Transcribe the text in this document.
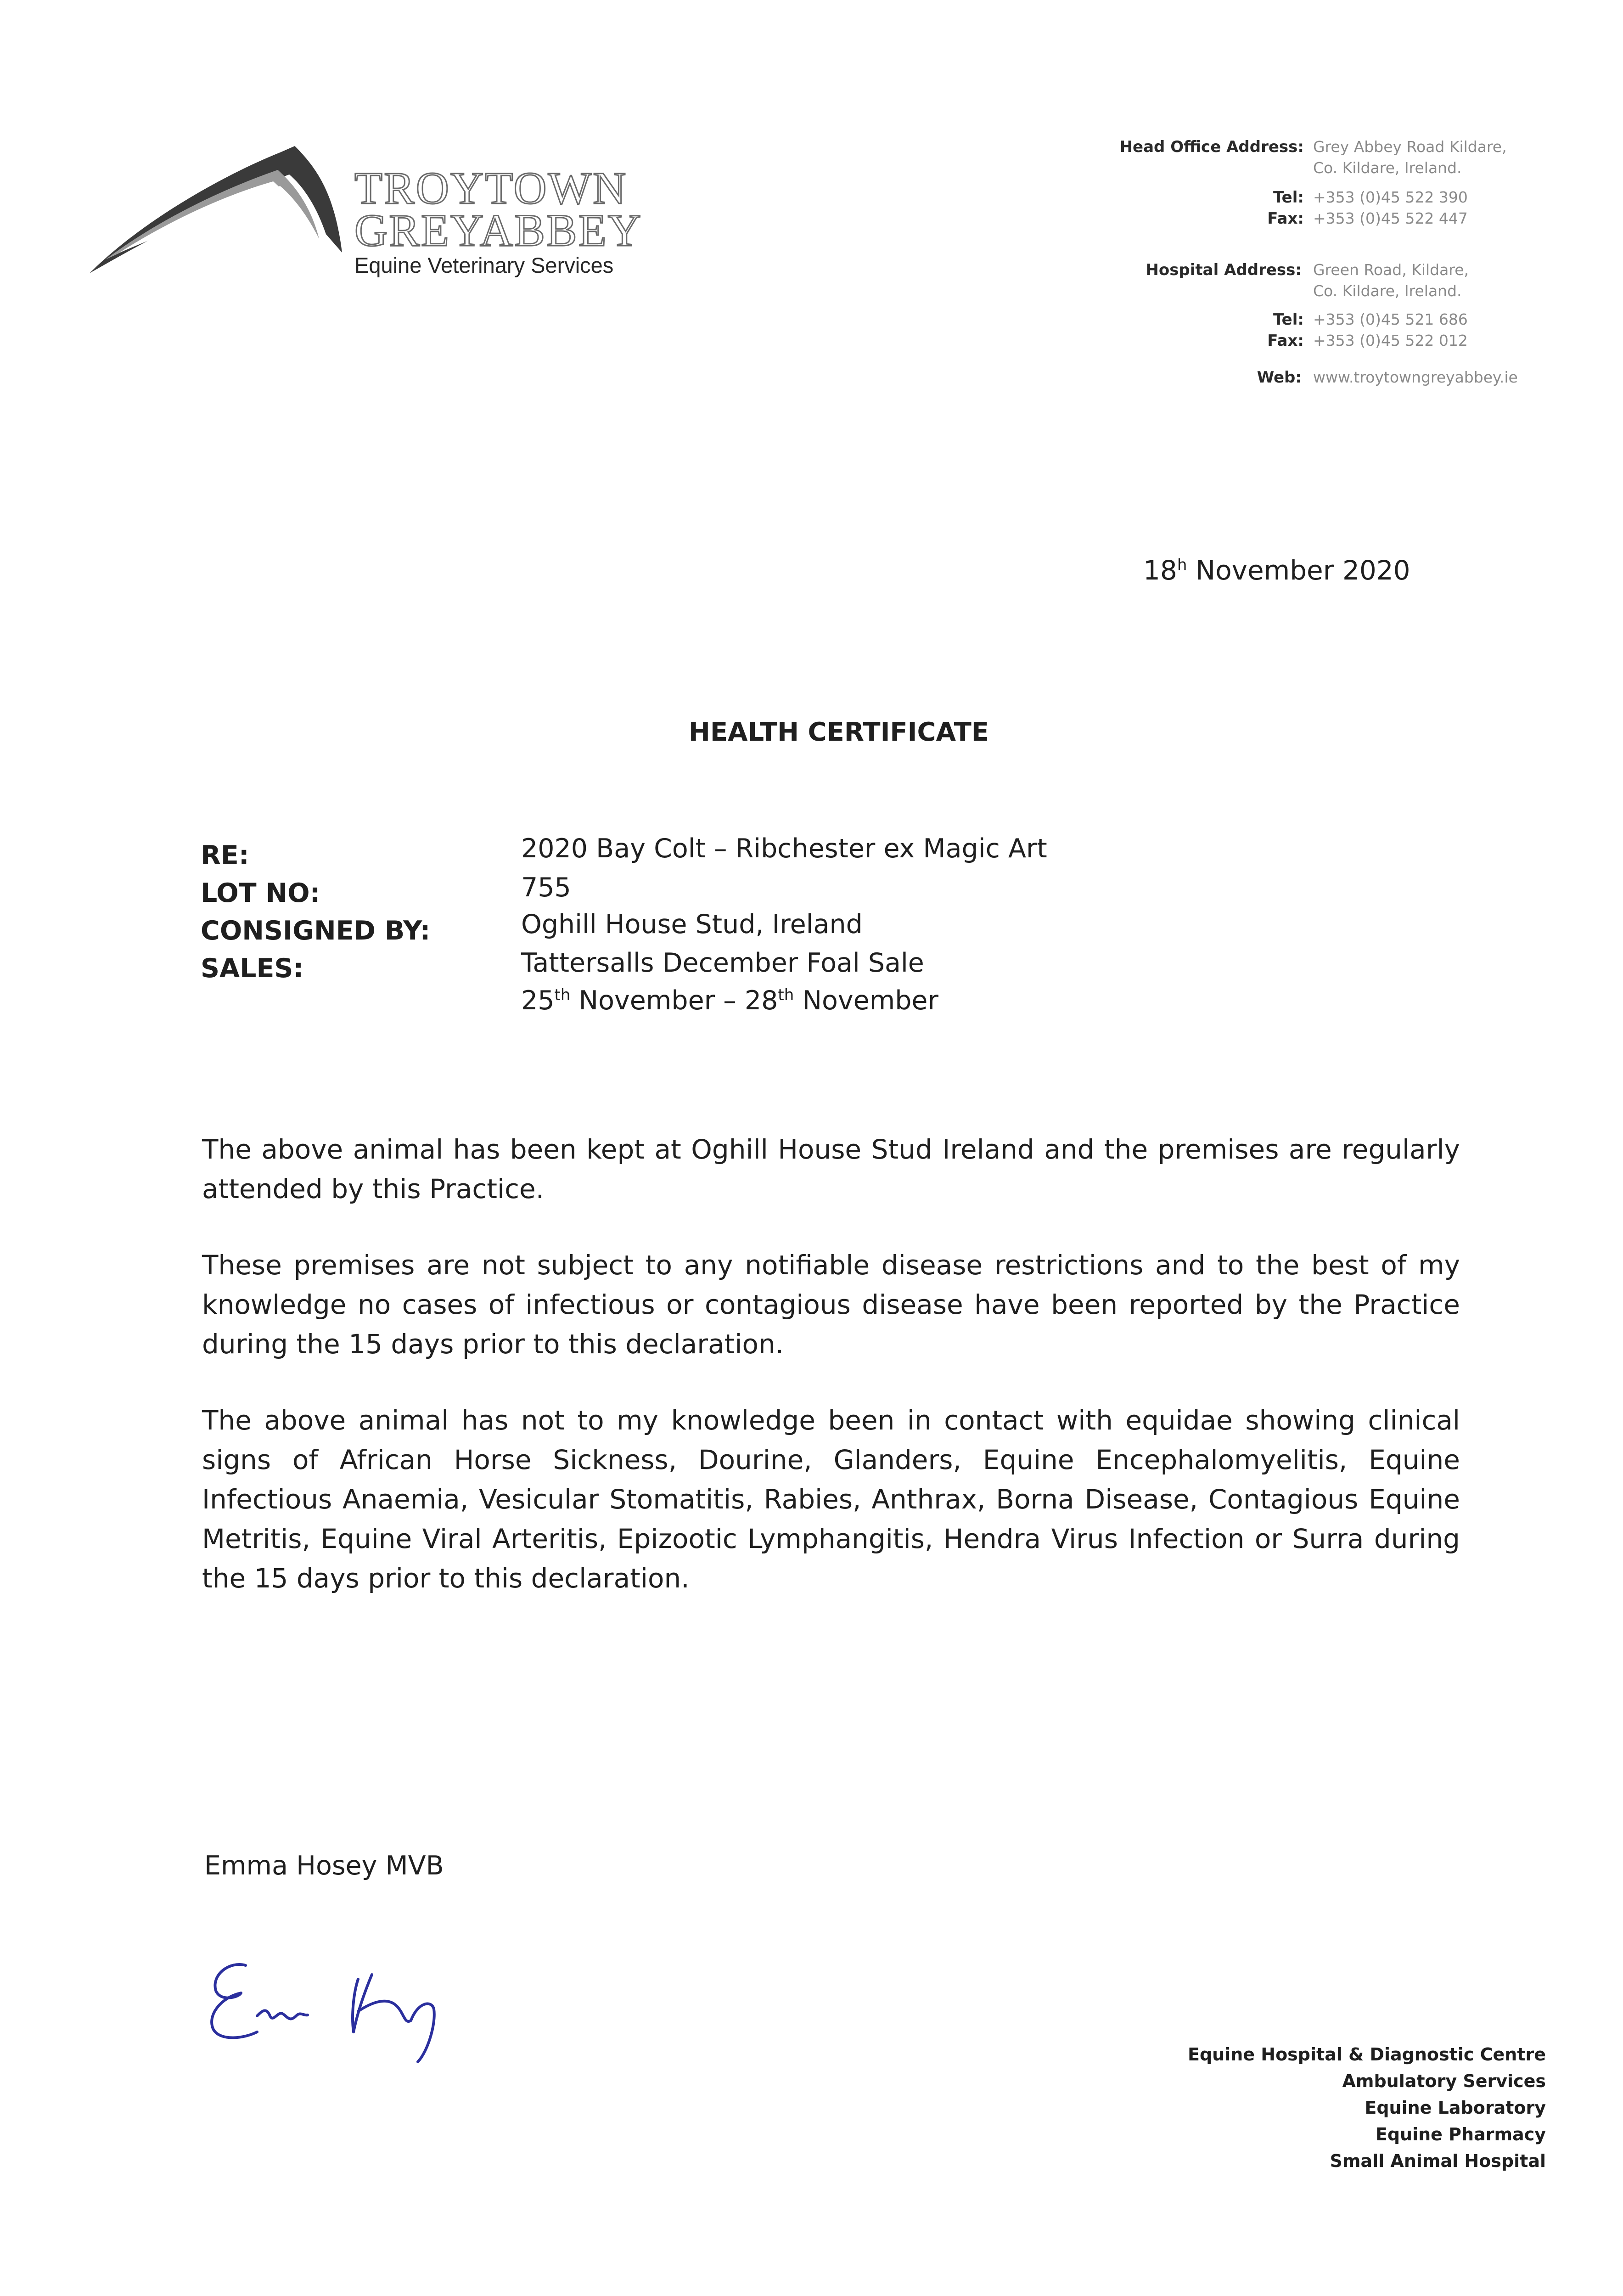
TROYTOWN
GREYABBEY
Equine Veterinary Services
Head Office Address: Grey Abbey Road Kildare,
Co. Kildare, Ireland.
Tel: +353 (0)45 522 390
Fax: +353 (0)45 522 447
Hospital Address: Green Road, Kildare,
Co. Kildare, Ireland.
Tel: +353 (0)45 521 686
Fax: +353 (0)45 522 012
Web: www.troytowngreyabbey.ie
18$^h$ November 2020
HEALTH CERTIFICATE
RE:	2020 Bay Colt – Ribchester ex Magic Art
LOT NO:	755
CONSIGNED BY:	Oghill House Stud, Ireland
SALES:	Tattersalls December Foal Sale
25th November – 28th November

The above animal has been kept at Oghill House Stud Ireland and the premises are regularly attended by this Practice.

These premises are not subject to any notifiable disease restrictions and to the best of my knowledge no cases of infectious or contagious disease have been reported by the Practice during the 15 days prior to this declaration.

The above animal has not to my knowledge been in contact with equidae showing clinical signs of African Horse Sickness, Dourine, Glanders, Equine Encephalomyelitis, Equine Infectious Anaemia, Vesicular Stomatitis, Rabies, Anthrax, Borna Disease, Contagious Equine Metritis, Equine Viral Arteritis, Epizootic Lymphangitis, Hendra Virus Infection or Surra during the 15 days prior to this declaration.

Emma Hosey MVB
Equine Hospital & Diagnostic Centre
Ambulatory Services
Equine Laboratory
Equine Pharmacy
Small Animal Hospital
